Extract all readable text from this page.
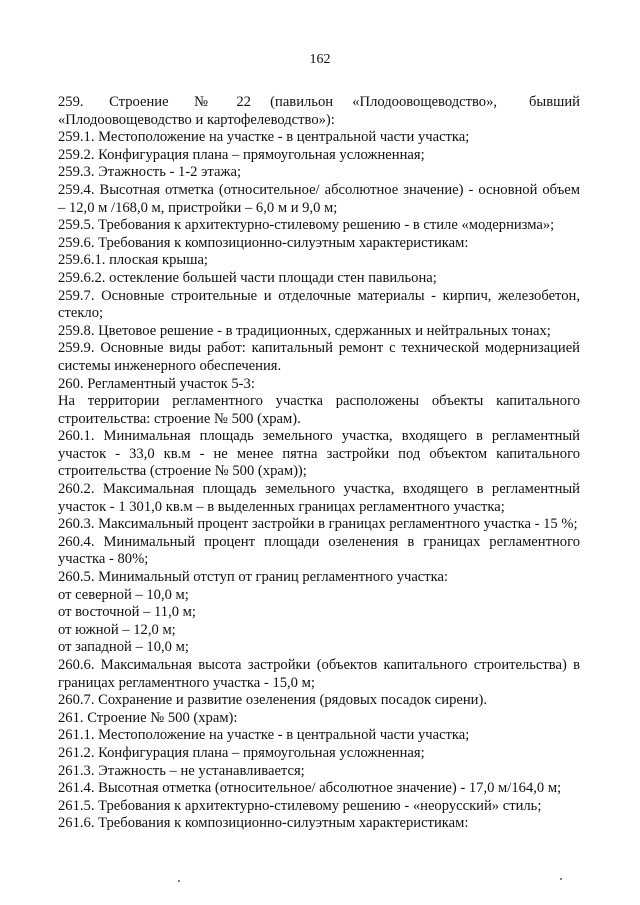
162

259.    Строение    №    22   (павильон   «Плодоовощеводство»,     бывший «Плодоовощеводство и картофелеводство»):

259.1. Местоположение на участке - в центральной части участка;

259.2. Конфигурация плана – прямоугольная усложненная;

259.3. Этажность - 1-2 этажа;

259.4. Высотная отметка (относительное/ абсолютное значение) - основной объем – 12,0 м /168,0 м, пристройки – 6,0 м и 9,0 м;

259.5. Требования к архитектурно-стилевому решению - в стиле «модернизма»;

259.6. Требования к композиционно-силуэтным характеристикам:

259.6.1. плоская крыша;

259.6.2. остекление большей части площади стен павильона;

259.7. Основные строительные и отделочные материалы - кирпич, железобетон, стекло;

259.8. Цветовое решение - в традиционных, сдержанных и нейтральных тонах;

259.9. Основные виды работ: капитальный ремонт с технической модернизацией системы инженерного обеспечения.

260. Регламентный участок 5-3:

На территории регламентного участка расположены объекты капитального строительства: строение № 500 (храм).

260.1. Минимальная площадь земельного участка, входящего в регламентный участок - 33,0 кв.м - не менее пятна застройки под объектом капитального строительства (строение № 500 (храм));

260.2. Максимальная площадь земельного участка, входящего в регламентный участок - 1 301,0 кв.м – в выделенных границах регламентного участка;

260.3. Максимальный процент застройки в границах регламентного участка - 15 %;

260.4. Минимальный процент площади озеленения в границах регламентного участка - 80%;

260.5. Минимальный отступ от границ регламентного участка:

от северной – 10,0 м;

от восточной – 11,0 м;

от южной – 12,0 м;

от западной – 10,0 м;

260.6. Максимальная высота застройки (объектов капитального строительства) в границах регламентного участка - 15,0 м;

260.7. Сохранение и развитие озеленения (рядовых посадок сирени).

261. Строение № 500 (храм):

261.1. Местоположение на участке - в центральной части участка;

261.2. Конфигурация плана – прямоугольная усложненная;

261.3. Этажность – не устанавливается;

261.4. Высотная отметка (относительное/ абсолютное значение) - 17,0 м/164,0 м;

261.5. Требования к архитектурно-стилевому решению - «неорусский» стиль;

261.6. Требования к композиционно-силуэтным характеристикам:
